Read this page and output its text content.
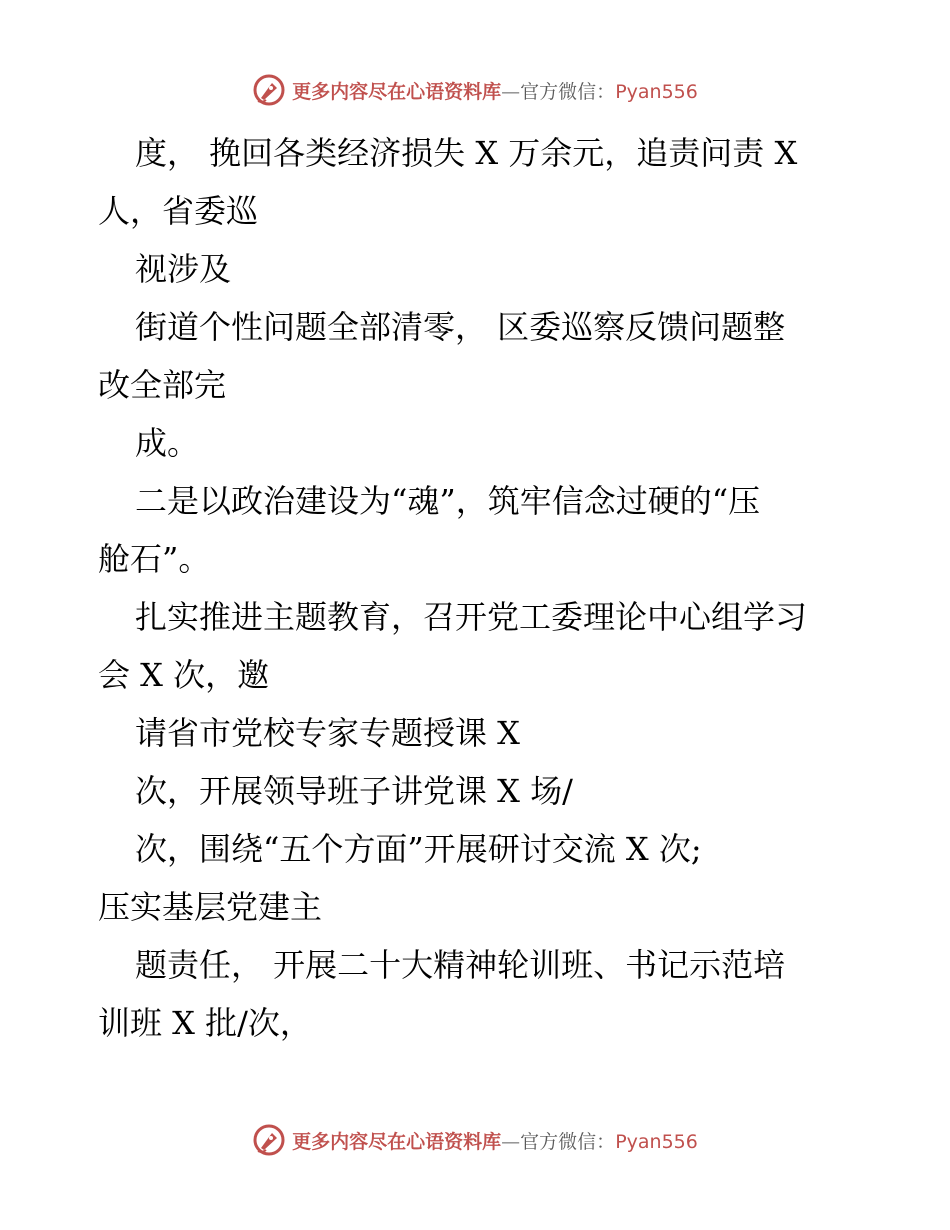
更多内容尽在心语资料库—官方微信：Pyan556
度， 挽回各类经济损失 X 万余元，追责问责 X
人，省委巡
视涉及
街道个性问题全部清零， 区委巡察反馈问题整
改全部完
成。
二是以政治建设为“魂”，筑牢信念过硬的“压
舱石”。
扎实推进主题教育，召开党工委理论中心组学习
会 X 次，邀
请省市党校专家专题授课 X
次，开展领导班子讲党课 X 场/
次，围绕“五个方面”开展研讨交流 X 次;
压实基层党建主
题责任， 开展二十大精神轮训班、书记示范培
训班 X 批/次，
更多内容尽在心语资料库—官方微信：Pyan556
